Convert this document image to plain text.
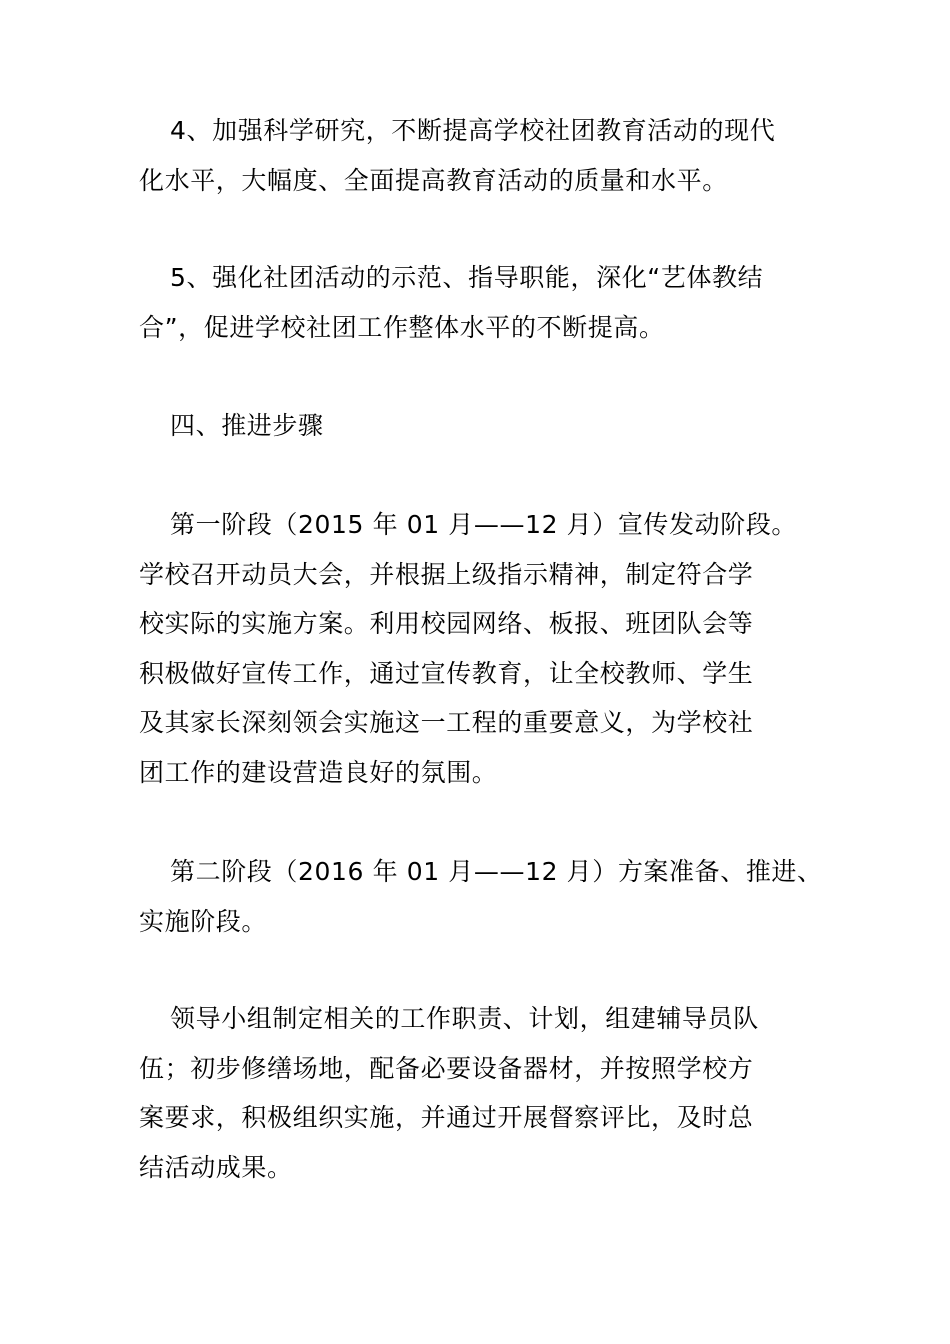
4、加强科学研究，不断提高学校社团教育活动的现代
化水平，大幅度、全面提高教育活动的质量和水平。
5、强化社团活动的示范、指导职能，深化“艺体教结
合”，促进学校社团工作整体水平的不断提高。
四、推进步骤
第一阶段（2015 年 01 月——12 月）宣传发动阶段。
学校召开动员大会，并根据上级指示精神，制定符合学
校实际的实施方案。利用校园网络、板报、班团队会等
积极做好宣传工作，通过宣传教育，让全校教师、学生
及其家长深刻领会实施这一工程的重要意义，为学校社
团工作的建设营造良好的氛围。
第二阶段（2016 年 01 月——12 月）方案准备、推进、
实施阶段。
领导小组制定相关的工作职责、计划，组建辅导员队
伍；初步修缮场地，配备必要设备器材，并按照学校方
案要求，积极组织实施，并通过开展督察评比，及时总
结活动成果。
